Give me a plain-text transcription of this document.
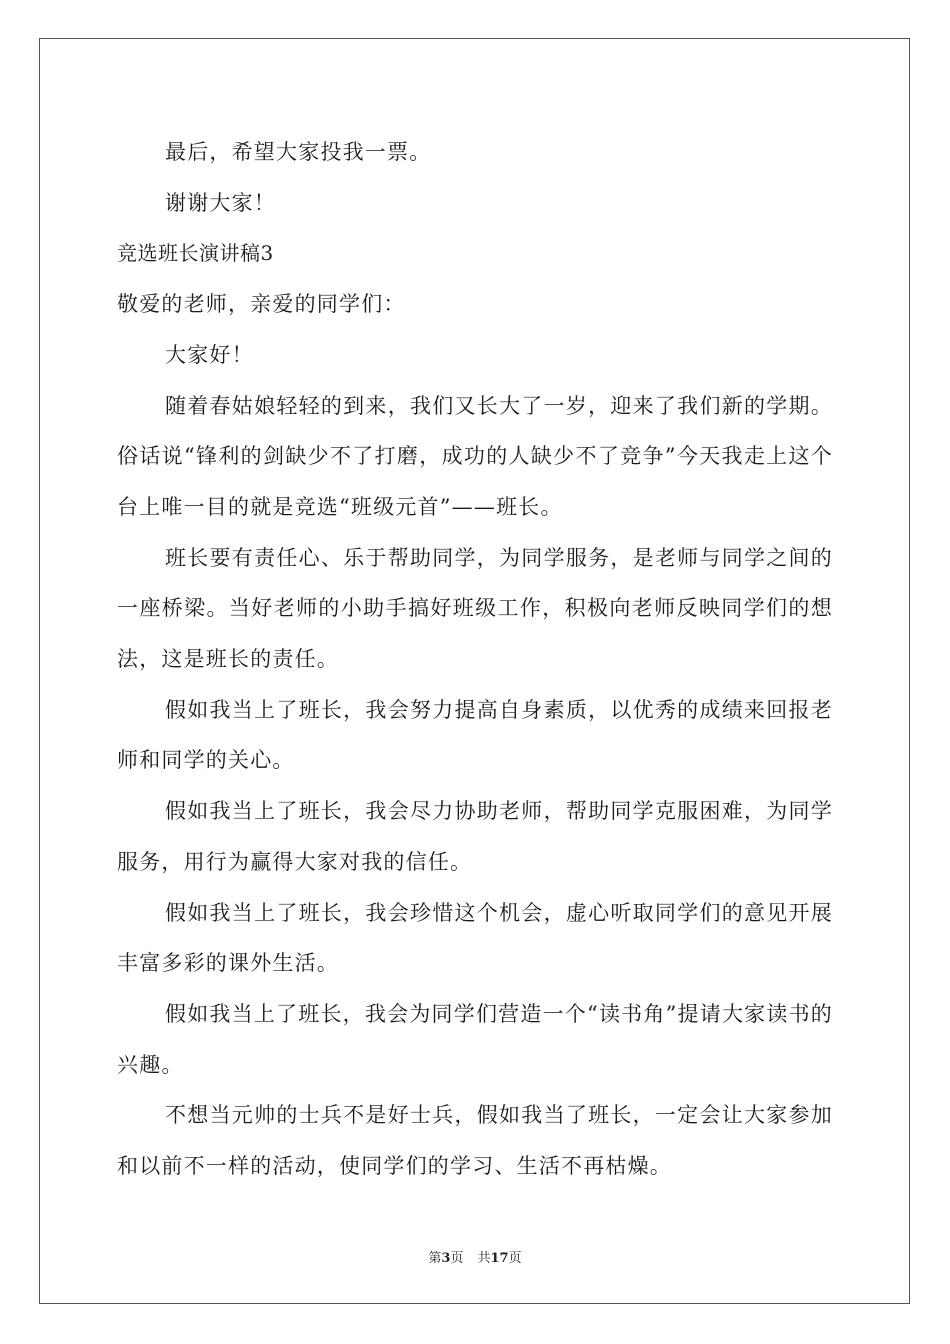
最后，希望大家投我一票。

谢谢大家！

竞选班长演讲稿3

敬爱的老师，亲爱的同学们：

大家好！

随着春姑娘轻轻的到来，我们又长大了一岁，迎来了我们新的学期。俗话说“锋利的剑缺少不了打磨，成功的人缺少不了竞争”今天我走上这个台上唯一目的就是竞选“班级元首”——班长。

班长要有责任心、乐于帮助同学，为同学服务，是老师与同学之间的一座桥梁。当好老师的小助手搞好班级工作，积极向老师反映同学们的想法，这是班长的责任。

假如我当上了班长，我会努力提高自身素质，以优秀的成绩来回报老师和同学的关心。

假如我当上了班长，我会尽力协助老师，帮助同学克服困难，为同学服务，用行为赢得大家对我的信任。

假如我当上了班长，我会珍惜这个机会，虚心听取同学们的意见开展丰富多彩的课外生活。

假如我当上了班长，我会为同学们营造一个“读书角”提请大家读书的兴趣。

不想当元帅的士兵不是好士兵，假如我当了班长，一定会让大家参加和以前不一样的活动，使同学们的学习、生活不再枯燥。

第3页 共17页
